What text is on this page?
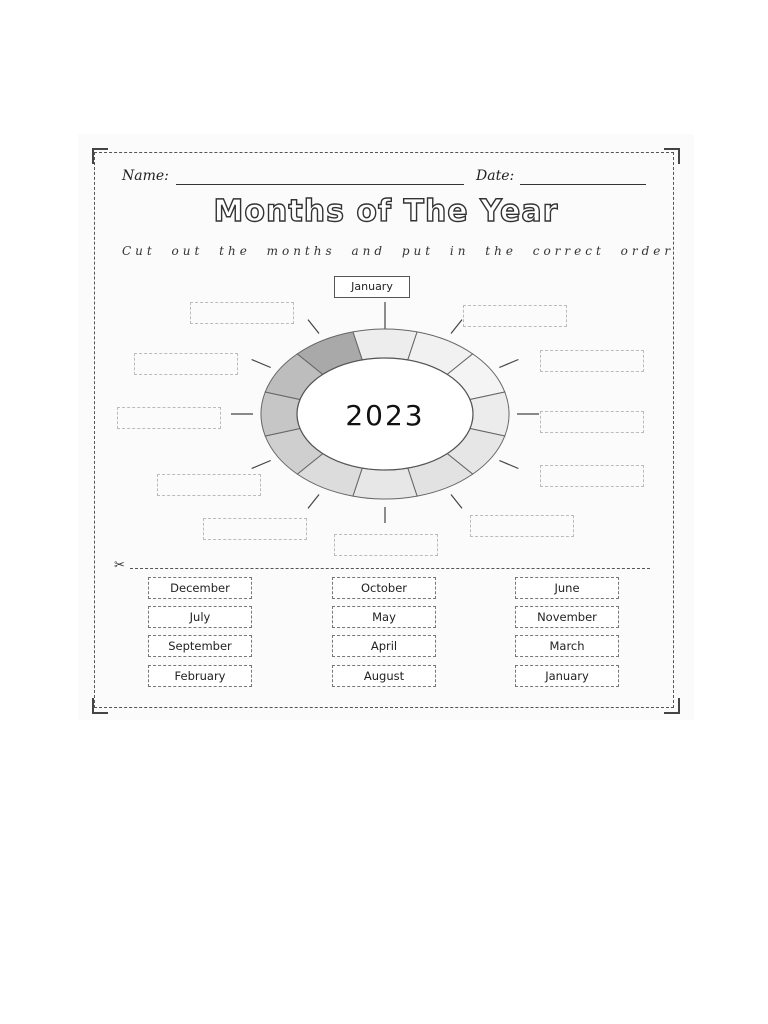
Name:	Date:
Months of The Year
Cut out the months and put in the correct order
2023
January
✂
December
July
September
February
October
May
April
August
June
November
March
January
